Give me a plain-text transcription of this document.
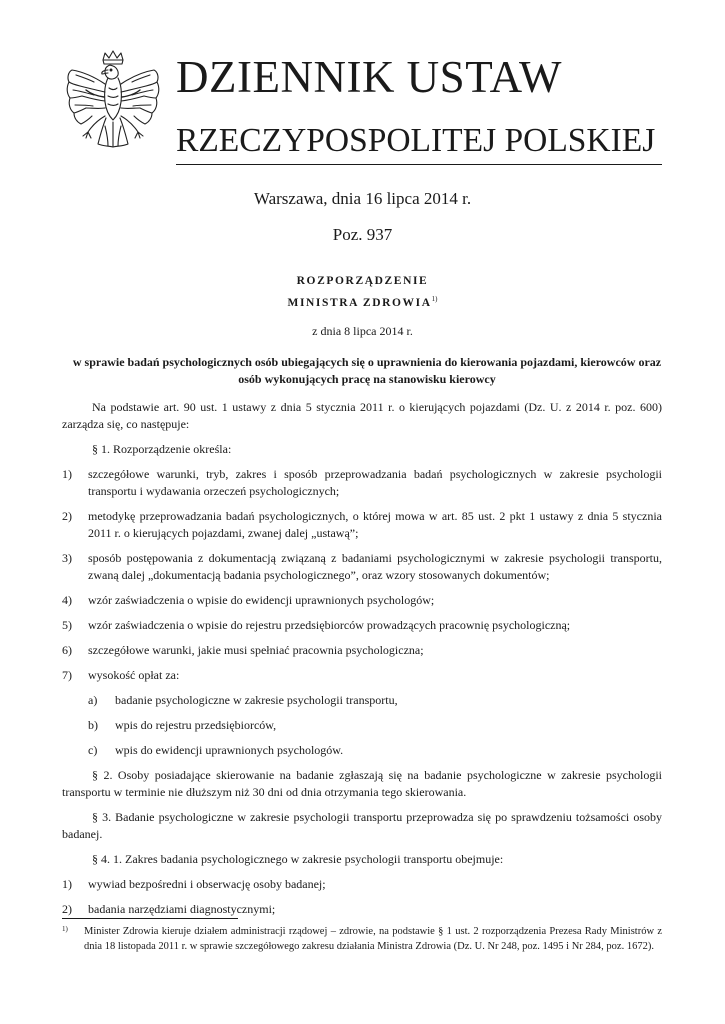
DZIENNIK USTAW
RZECZYPOSPOLITEJ POLSKIEJ
Warszawa, dnia 16 lipca 2014 r.
Poz. 937
ROZPORZĄDZENIE
MINISTRA ZDROWIA$^{1)}$
z dnia 8 lipca 2014 r.
w sprawie badań psychologicznych osób ubiegających się o uprawnienia do kierowania pojazdami, kierowców oraz osób wykonujących pracę na stanowisku kierowcy

Na podstawie art. 90 ust. 1 ustawy z dnia 5 stycznia 2011 r. o kierujących pojazdami (Dz. U. z 2014 r. poz. 600) zarządza się, co następuje:

§ 1. Rozporządzenie określa:

1) szczegółowe warunki, tryb, zakres i sposób przeprowadzania badań psychologicznych w zakresie psychologii transportu i wydawania orzeczeń psychologicznych;
2) metodykę przeprowadzania badań psychologicznych, o której mowa w art. 85 ust. 2 pkt 1 ustawy z dnia 5 stycznia 2011 r. o kierujących pojazdami, zwanej dalej „ustawą”;
3) sposób postępowania z dokumentacją związaną z badaniami psychologicznymi w zakresie psychologii transportu, zwaną dalej „dokumentacją badania psychologicznego”, oraz wzory stosowanych dokumentów;
4) wzór zaświadczenia o wpisie do ewidencji uprawnionych psychologów;
5) wzór zaświadczenia o wpisie do rejestru przedsiębiorców prowadzących pracownię psychologiczną;
6) szczegółowe warunki, jakie musi spełniać pracownia psychologiczna;
7) wysokość opłat za:
a) badanie psychologiczne w zakresie psychologii transportu,
b) wpis do rejestru przedsiębiorców,
c) wpis do ewidencji uprawnionych psychologów.

§ 2. Osoby posiadające skierowanie na badanie zgłaszają się na badanie psychologiczne w zakresie psychologii transportu w terminie nie dłuższym niż 30 dni od dnia otrzymania tego skierowania.

§ 3. Badanie psychologiczne w zakresie psychologii transportu przeprowadza się po sprawdzeniu tożsamości osoby badanej.

§ 4. 1. Zakres badania psychologicznego w zakresie psychologii transportu obejmuje:

1) wywiad bezpośredni i obserwację osoby badanej;
2) badania narzędziami diagnostycznymi;
1)	Minister Zdrowia kieruje działem administracji rządowej – zdrowie, na podstawie § 1 ust. 2 rozporządzenia Prezesa Rady Ministrów z dnia 18 listopada 2011 r. w sprawie szczegółowego zakresu działania Ministra Zdrowia (Dz. U. Nr 248, poz. 1495 i Nr 284, poz. 1672).
